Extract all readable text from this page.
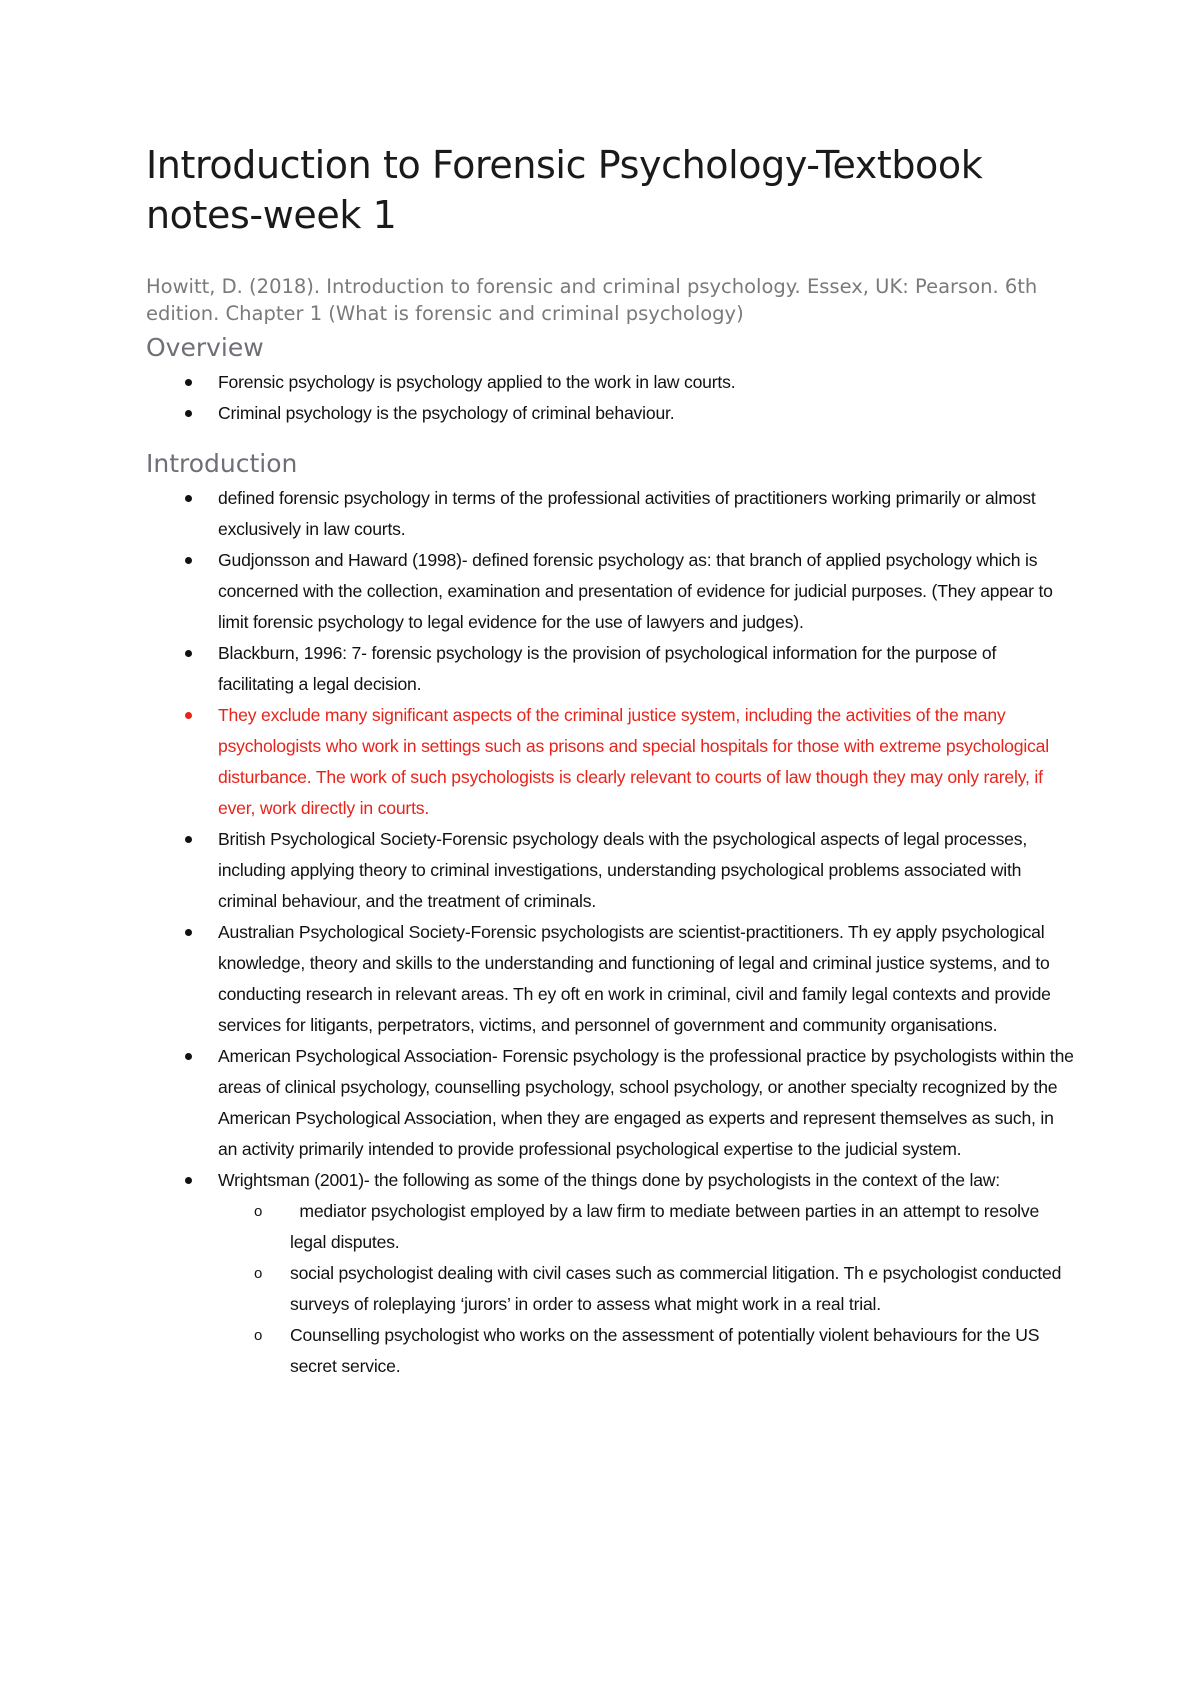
Introduction to Forensic Psychology-Textbook notes-week 1

Howitt, D. (2018). Introduction to forensic and criminal psychology. Essex, UK: Pearson. 6th edition. Chapter 1 (What is forensic and criminal psychology)

Overview
Forensic psychology is psychology applied to the work in law courts.
Criminal psychology is the psychology of criminal behaviour.
Introduction
defined forensic psychology in terms of the professional activities of practitioners working primarily or almost exclusively in law courts.
Gudjonsson and Haward (1998)- defined forensic psychology as: that branch of applied psychology which is concerned with the collection, examination and presentation of evidence for judicial purposes. (They appear to limit forensic psychology to legal evidence for the use of lawyers and judges).
Blackburn, 1996: 7- forensic psychology is the provision of psychological information for the purpose of facilitating a legal decision.
They exclude many significant aspects of the criminal justice system, including the activities of the many psychologists who work in settings such as prisons and special hospitals for those with extreme psychological disturbance. The work of such psychologists is clearly relevant to courts of law though they may only rarely, if ever, work directly in courts.
British Psychological Society-Forensic psychology deals with the psychological aspects of legal processes, including applying theory to criminal investigations, understanding psychological problems associated with criminal behaviour, and the treatment of criminals.
Australian Psychological Society-Forensic psychologists are scientist-practitioners. Th ey apply psychological knowledge, theory and skills to the understanding and functioning of legal and criminal justice systems, and to conducting research in relevant areas. Th ey oft en work in criminal, civil and family legal contexts and provide services for litigants, perpetrators, victims, and personnel of government and community organisations.
American Psychological Association- Forensic psychology is the professional practice by psychologists within the areas of clinical psychology, counselling psychology, school psychology, or another specialty recognized by the American Psychological Association, when they are engaged as experts and represent themselves as such, in an activity primarily intended to provide professional psychological expertise to the judicial system.
Wrightsman (2001)- the following as some of the things done by psychologists in the context of the law:
o mediator psychologist employed by a law firm to mediate between parties in an attempt to resolve legal disputes.
o social psychologist dealing with civil cases such as commercial litigation. Th e psychologist conducted surveys of roleplaying ‘jurors’ in order to assess what might work in a real trial.
o Counselling psychologist who works on the assessment of potentially violent behaviours for the US secret service.
